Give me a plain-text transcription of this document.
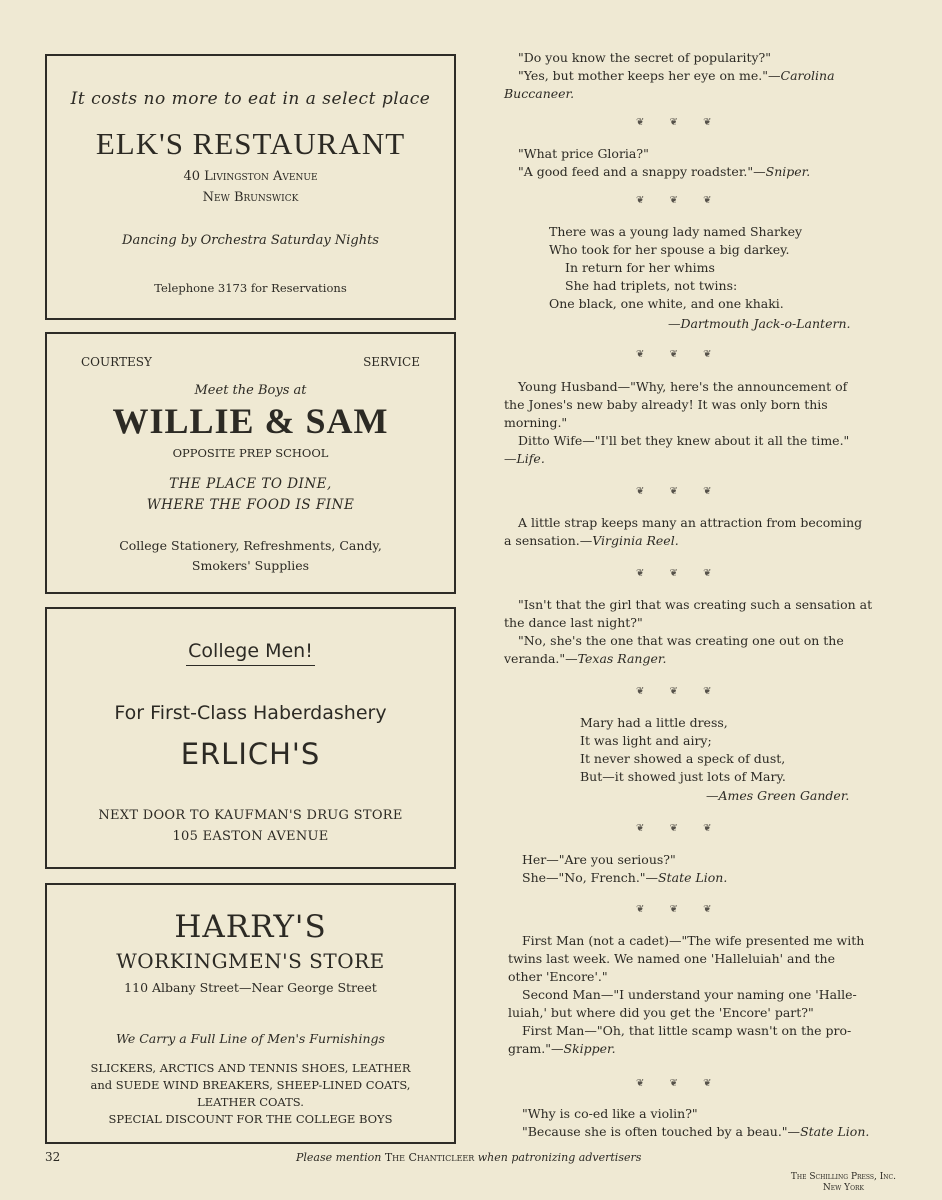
It costs no more to eat in a select place
ELK'S RESTAURANT
40 Livingston Avenue
New Brunswick
Dancing by Orchestra Saturday Nights
Telephone 3173 for Reservations
COURTESY	SERVICE
Meet the Boys at
WILLIE & SAM
OPPOSITE PREP SCHOOL
THE PLACE TO DINE,
WHERE THE FOOD IS FINE
College Stationery, Refreshments, Candy,
Smokers' Supplies
College Men!
For First-Class Haberdashery
ERLICH'S
NEXT DOOR TO KAUFMAN'S DRUG STORE
105 EASTON AVENUE
HARRY'S
WORKINGMEN'S STORE
110 Albany Street—Near George Street
We Carry a Full Line of Men's Furnishings
SLICKERS, ARCTICS AND TENNIS SHOES, LEATHER
and SUEDE WIND BREAKERS, SHEEP-LINED COATS,
LEATHER COATS.
SPECIAL DISCOUNT FOR THE COLLEGE BOYS
"Do you know the secret of popularity?"
"Yes, but mother keeps her eye on me."—Carolina
Buccaneer.
❦ ❦ ❦
"What price Gloria?"
"A good feed and a snappy roadster."—Sniper.
❦ ❦ ❦
There was a young lady named Sharkey
Who took for her spouse a big darkey.
In return for her whims
She had triplets, not twins:
One black, one white, and one khaki.
—Dartmouth Jack-o-Lantern.
❦ ❦ ❦
Young Husband—"Why, here's the announcement of
the Jones's new baby already! It was only born this
morning."
Ditto Wife—"I'll bet they knew about it all the time."
—Life.
❦ ❦ ❦
A little strap keeps many an attraction from becoming
a sensation.—Virginia Reel.
❦ ❦ ❦
"Isn't that the girl that was creating such a sensation at
the dance last night?"
"No, she's the one that was creating one out on the
veranda."—Texas Ranger.
❦ ❦ ❦
Mary had a little dress,
It was light and airy;
It never showed a speck of dust,
But—it showed just lots of Mary.
—Ames Green Gander.
❦ ❦ ❦
Her—"Are you serious?"
She—"No, French."—State Lion.
❦ ❦ ❦
First Man (not a cadet)—"The wife presented me with
twins last week. We named one 'Halleluiah' and the
other 'Encore'."
Second Man—"I understand your naming one 'Halle-
luiah,' but where did you get the 'Encore' part?"
First Man—"Oh, that little scamp wasn't on the pro-
gram."—Skipper.
❦ ❦ ❦
"Why is co-ed like a violin?"
"Because she is often touched by a beau."—State Lion.
32	Please mention The Chanticleer when patronizing advertisers
The Schilling Press, Inc.
New York
